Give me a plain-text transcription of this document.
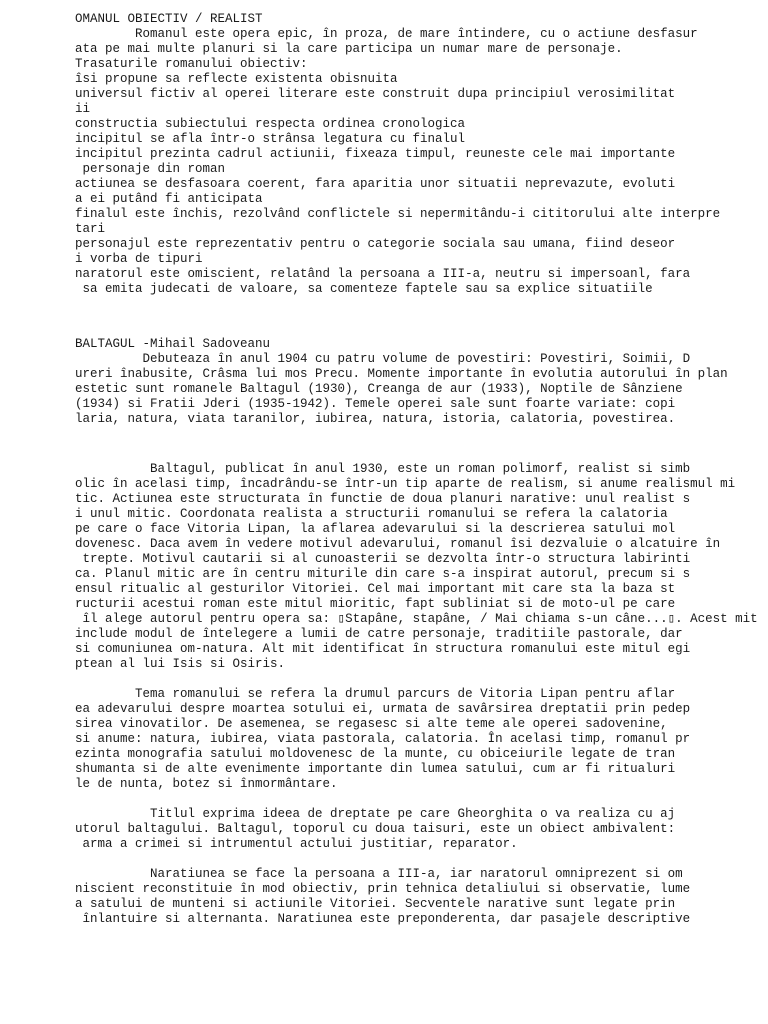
OMANUL OBIECTIV / REALIST
Romanul este opera epic, în proza, de mare întindere, cu o actiune desfasur
ata pe mai multe planuri si la care participa un numar mare de personaje.
Trasaturile romanului obiectiv:
îsi propune sa reflecte existenta obisnuita
universul fictiv al operei literare este construit dupa principiul verosimilitat
ii
constructia subiectului respecta ordinea cronologica
incipitul se afla într-o strânsa legatura cu finalul
incipitul prezinta cadrul actiunii, fixeaza timpul, reuneste cele mai importante
personaje din roman
actiunea se desfasoara coerent, fara aparitia unor situatii neprevazute, evoluti
a ei putând fi anticipata
finalul este închis, rezolvând conflictele si nepermitându-i cititorului alte interpre
tari
personajul este reprezentativ pentru o categorie sociala sau umana, fiind deseor
i vorba de tipuri
naratorul este omiscient, relatând la persoana a III-a, neutru si impersoanl, fara
sa emita judecati de valoare, sa comenteze faptele sau sa explice situatiile
BALTAGUL -Mihail Sadoveanu
Debuteaza în anul 1904 cu patru volume de povestiri: Povestiri, Soimii, D
ureri înabusite, Crâsma lui mos Precu. Momente importante în evolutia autorului în plan
estetic sunt romanele Baltagul (1930), Creanga de aur (1933), Noptile de Sânziene
(1934) si Fratii Jderi (1935-1942). Temele operei sale sunt foarte variate: copi
laria, natura, viata taranilor, iubirea, natura, istoria, calatoria, povestirea.
Baltagul, publicat în anul 1930, este un roman polimorf, realist si simb
olic în acelasi timp, încadrându-se într-un tip aparte de realism, si anume realismul mi
tic. Actiunea este structurata în functie de doua planuri narative: unul realist s
i unul mitic. Coordonata realista a structurii romanului se refera la calatoria
pe care o face Vitoria Lipan, la aflarea adevarului si la descrierea satului mol
dovenesc. Daca avem în vedere motivul adevarului, romanul îsi dezvaluie o alcatuire în
trepte. Motivul cautarii si al cunoasterii se dezvolta într-o structura labirinti
ca. Planul mitic are în centru miturile din care s-a inspirat autorul, precum si s
ensul ritualic al gesturilor Vitoriei. Cel mai important mit care sta la baza st
ructurii acestui roman este mitul mioritic, fapt subliniat si de moto-ul pe care
îl alege autorul pentru opera sa: ▯Stapâne, stapâne, / Mai chiama s-un câne...▯. Acest mit
include modul de întelegere a lumii de catre personaje, traditiile pastorale, dar
si comuniunea om-natura. Alt mit identificat în structura romanului este mitul egi
ptean al lui Isis si Osiris.
Tema romanului se refera la drumul parcurs de Vitoria Lipan pentru aflar
ea adevarului despre moartea sotului ei, urmata de savârsirea dreptatii prin pedep
sirea vinovatilor. De asemenea, se regasesc si alte teme ale operei sadovenine,
si anume: natura, iubirea, viata pastorala, calatoria. În acelasi timp, romanul pr
ezinta monografia satului moldovenesc de la munte, cu obiceiurile legate de tran
shumanta si de alte evenimente importante din lumea satului, cum ar fi ritualuri
le de nunta, botez si înmormântare.
Titlul exprima ideea de dreptate pe care Gheorghita o va realiza cu aj
utorul baltagului. Baltagul, toporul cu doua taisuri, este un obiect ambivalent:
arma a crimei si intrumentul actului justitiar, reparator.
Naratiunea se face la persoana a III-a, iar naratorul omniprezent si om
niscient reconstituie în mod obiectiv, prin tehnica detaliului si observatie, lume
a satului de munteni si actiunile Vitoriei. Secventele narative sunt legate prin
înlantuire si alternanta. Naratiunea este preponderenta, dar pasajele descriptive
